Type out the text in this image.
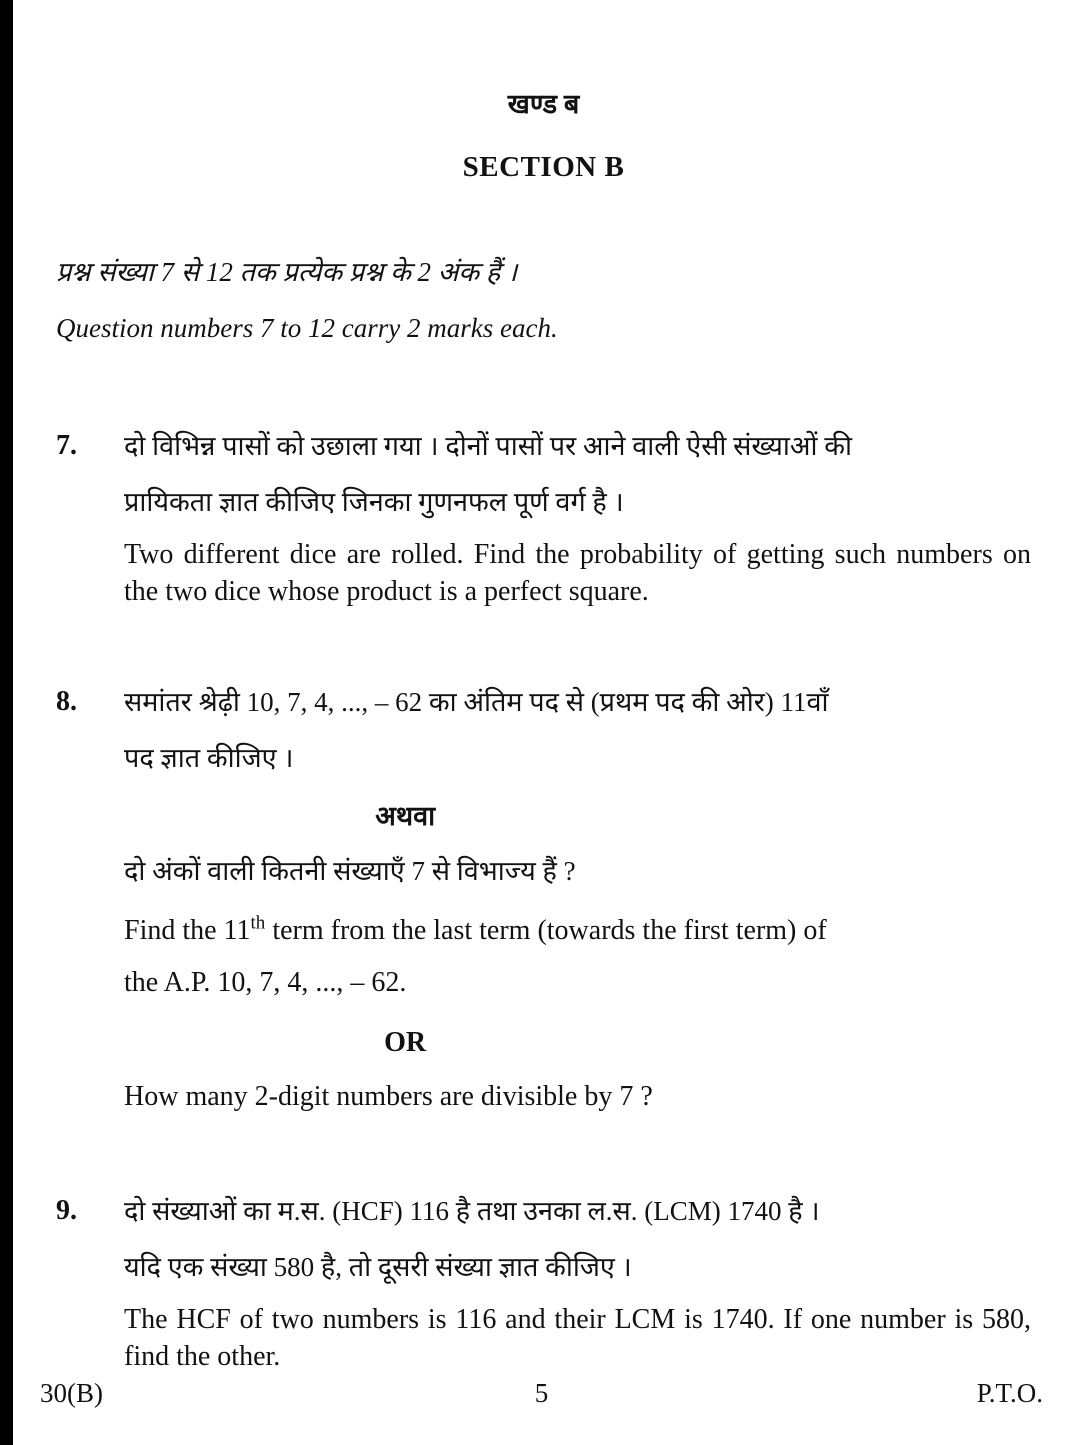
खण्ड ब
SECTION B
प्रश्न संख्या 7 से 12 तक प्रत्येक प्रश्न के 2 अंक हैं ।
Question numbers 7 to 12 carry 2 marks each.
7.	दो विभिन्न पासों को उछाला गया । दोनों पासों पर आने वाली ऐसी संख्याओं की
प्रायिकता ज्ञात कीजिए जिनका गुणनफल पूर्ण वर्ग है ।
Two different dice are rolled. Find the probability of getting such numbers on the two dice whose product is a perfect square.
8.	समांतर श्रेढ़ी 10, 7, 4, ..., – 62 का अंतिम पद से (प्रथम पद की ओर) 11वाँ
पद ज्ञात कीजिए ।
अथवा
दो अंकों वाली कितनी संख्याएँ 7 से विभाज्य हैं ?
Find the 11th term from the last term (towards the first term) of
the A.P. 10, 7, 4, ..., – 62.
OR
How many 2-digit numbers are divisible by 7 ?
9.	दो संख्याओं का म.स. (HCF) 116 है तथा उनका ल.स. (LCM) 1740 है ।
यदि एक संख्या 580 है, तो दूसरी संख्या ज्ञात कीजिए ।
The HCF of two numbers is 116 and their LCM is 1740. If one number is 580, find the other.
30(B)	5	P.T.O.
